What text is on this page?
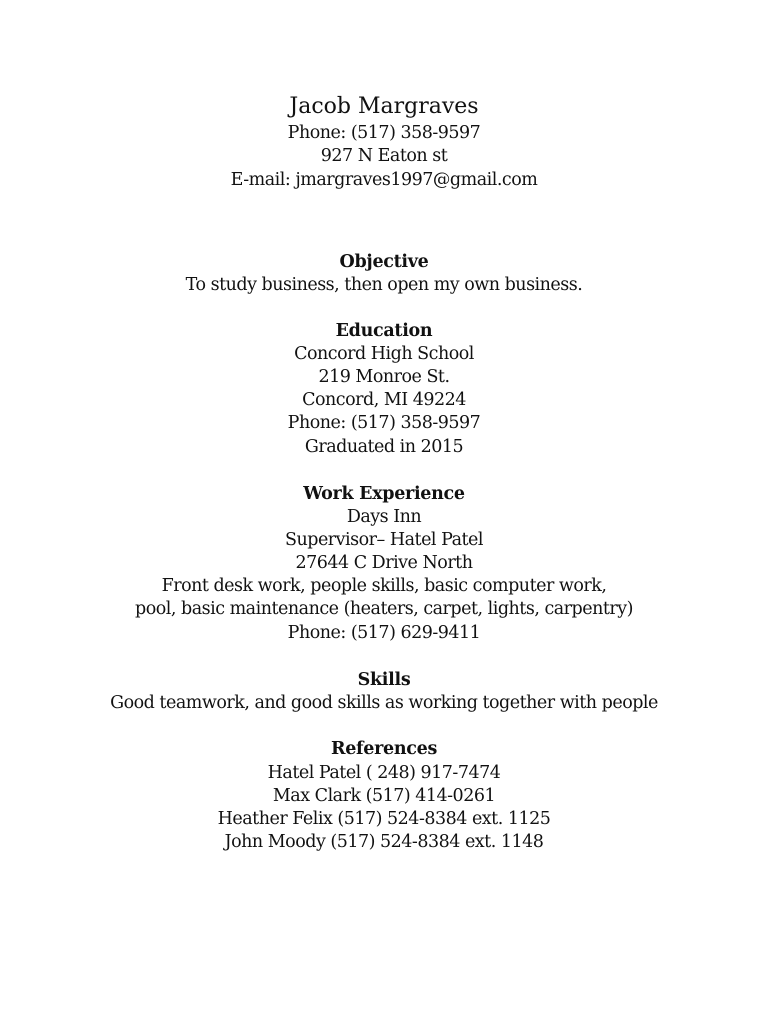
Jacob Margraves
Phone: (517) 358-9597
927 N Eaton st
E-mail: jmargraves1997@gmail.com
Objective
To study business, then open my own business.
Education
Concord High School
219 Monroe St.
Concord, MI 49224
Phone: (517) 358-9597
Graduated in 2015
Work Experience
Days Inn
Supervisor– Hatel Patel
27644 C Drive North
Front desk work, people skills, basic computer work,
pool, basic maintenance (heaters, carpet, lights, carpentry)
Phone: (517) 629-9411
Skills
Good teamwork, and good skills as working together with people
References
Hatel Patel ( 248) 917-7474
Max Clark (517) 414-0261
Heather Felix (517) 524-8384 ext. 1125
John Moody (517) 524-8384 ext. 1148
